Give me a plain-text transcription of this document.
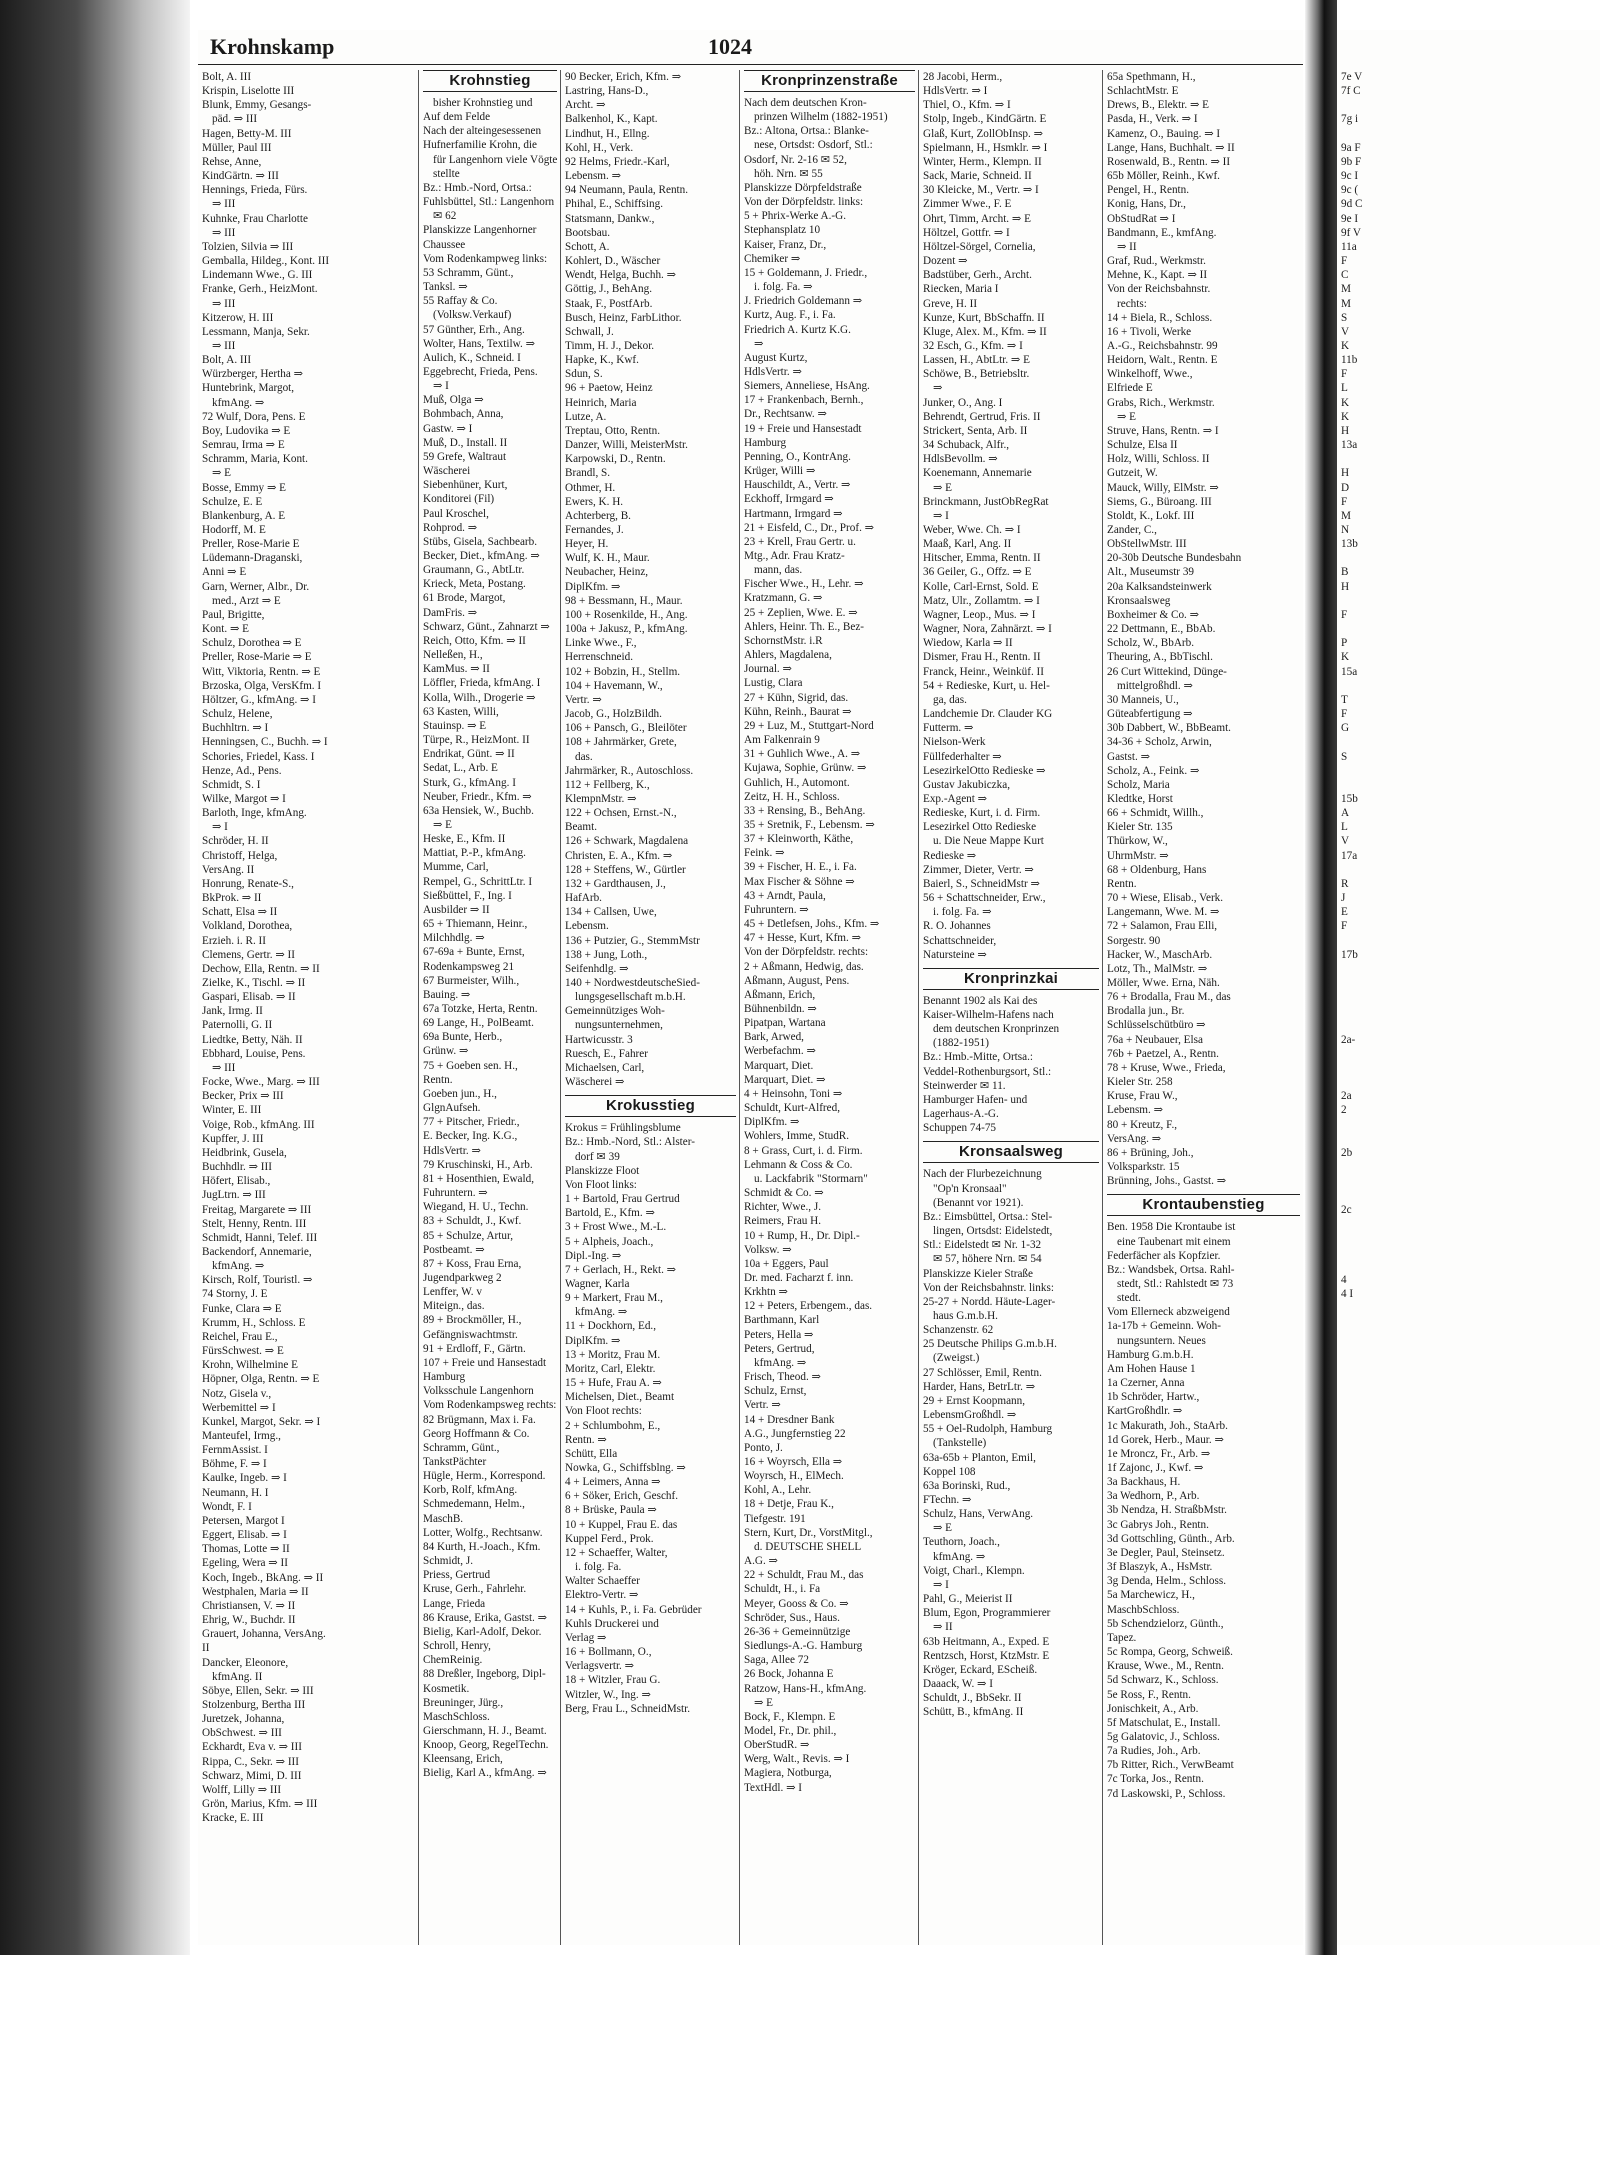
Krohnskamp	1024
Bolt, A. III
Krispin, Liselotte III
Blunk, Emmy, Gesangs-
päd. ⇒ III
Hagen, Betty-M. III
Müller, Paul III
Rehse, Anne,
KindGärtn. ⇒ III
Hennings, Frieda, Fürs.
⇒ III
Kuhnke, Frau Charlotte
⇒ III
Tolzien, Silvia ⇒ III
Gemballa, Hildeg., Kont. III
Lindemann Wwe., G. III
Franke, Gerh., HeizMont.
⇒ III
Kitzerow, H. III
Lessmann, Manja, Sekr.
⇒ III
Bolt, A. III
Würzberger, Hertha ⇒
Huntebrink, Margot,
kfmAng. ⇒
72 Wulf, Dora, Pens. E
Boy, Ludovika ⇒ E
Semrau, Irma ⇒ E
Schramm, Maria, Kont.
⇒ E
Bosse, Emmy ⇒ E
Schulze, E. E
Blankenburg, A. E
Hodorff, M. E
Preller, Rose-Marie E
Lüdemann-Draganski,
Anni ⇒ E
Garn, Werner, Albr., Dr.
med., Arzt ⇒ E
Paul, Brigitte,
Kont. ⇒ E
Schulz, Dorothea ⇒ E
Preller, Rose-Marie ⇒ E
Witt, Viktoria, Rentn. ⇒ E
Brzoska, Olga, VersKfm. I
Höltzer, G., kfmAng. ⇒ I
Schulz, Helene,
Buchhltrn. ⇒ I
Henningsen, C., Buchh. ⇒ I
Schories, Friedel, Kass. I
Henze, Ad., Pens.
Schmidt, S. I
Wilke, Margot ⇒ I
Barloth, Inge, kfmAng.
⇒ I
Schröder, H. II
Christoff, Helga,
VersAng. II
Honrung, Renate-S.,
BkProk. ⇒ II
Schatt, Elsa ⇒ II
Volkland, Dorothea,
Erzieh. i. R. II
Clemens, Gertr. ⇒ II
Dechow, Ella, Rentn. ⇒ II
Zielke, K., Tischl. ⇒ II
Gaspari, Elisab. ⇒ II
Jank, Irmg. II
Paternolli, G. II
Liedtke, Betty, Näh. II
Ebbhard, Louise, Pens.
⇒ III
Focke, Wwe., Marg. ⇒ III
Becker, Prix ⇒ III
Winter, E. III
Voige, Rob., kfmAng. III
Kupffer, J. III
Heidbrink, Gusela,
Buchhdlr. ⇒ III
Höfert, Elisab.,
JugLtrn. ⇒ III
Freitag, Margarete ⇒ III
Stelt, Henny, Rentn. III
Schmidt, Hanni, Telef. III
Backendorf, Annemarie,
kfmAng. ⇒
Kirsch, Rolf, Touristl. ⇒
74 Storny, J. E
Funke, Clara ⇒ E
Krumm, H., Schloss. E
Reichel, Frau E.,
FürsSchwest. ⇒ E
Krohn, Wilhelmine E
Höpner, Olga, Rentn. ⇒ E
Notz, Gisela v.,
Werbemittel ⇒ I
Kunkel, Margot, Sekr. ⇒ I
Manteufel, Irmg.,
FernmAssist. I
Böhme, F. ⇒ I
Kaulke, Ingeb. ⇒ I
Neumann, H. I
Wondt, F. I
Petersen, Margot I
Eggert, Elisab. ⇒ I
Thomas, Lotte ⇒ II
Egeling, Wera ⇒ II
Koch, Ingeb., BkAng. ⇒ II
Westphalen, Maria ⇒ II
Christiansen, V. ⇒ II
Ehrig, W., Buchdr. II
Grauert, Johanna, VersAng.
II
Dancker, Eleonore,
kfmAng. II
Söbye, Ellen, Sekr. ⇒ III
Stolzenburg, Bertha III
Juretzek, Johanna,
ObSchwest. ⇒ III
Eckhardt, Eva v. ⇒ III
Rippa, C., Sekr. ⇒ III
Schwarz, Mimi, D. III
Wolff, Lilly ⇒ III
Grön, Marius, Kfm. ⇒ III
Kracke, E. III
Krohnstieg
bisher Krohnstieg und
Auf dem Felde
Nach der alteingesessenen
Hufnerfamilie Krohn, die
für Langenhorn viele Vögte
stellte
Bz.: Hmb.-Nord, Ortsa.:
Fuhlsbüttel, Stl.: Langenhorn
✉ 62
Planskizze Langenhorner
Chaussee
Vom Rodenkampweg links:
53 Schramm, Günt.,
Tanksl. ⇒
55 Raffay & Co.
(Volksw.Verkauf)
57 Günther, Erh., Ang.
Wolter, Hans, Textilw. ⇒
Aulich, K., Schneid. I
Eggebrecht, Frieda, Pens.
⇒ I
Muß, Olga ⇒
Bohmbach, Anna,
Gastw. ⇒ I
Muß, D., Install. II
59 Grefe, Waltraut
Wäscherei
Siebenhüner, Kurt,
Konditorei (Fil)
Paul Kroschel,
Rohprod. ⇒
Stübs, Gisela, Sachbearb.
Becker, Diet., kfmAng. ⇒
Graumann, G., AbtLtr.
Krieck, Meta, Postang.
61 Brode, Margot,
DamFris. ⇒
Schwarz, Günt., Zahnarzt ⇒
Reich, Otto, Kfm. ⇒ II
Nelleßen, H.,
KamMus. ⇒ II
Löffler, Frieda, kfmAng. I
Kolla, Wilh., Drogerie ⇒
63 Kasten, Willi,
Stauinsp. ⇒ E
Türpe, R., HeizMont. II
Endrikat, Günt. ⇒ II
Sedat, L., Arb. E
Sturk, G., kfmAng. I
Neuber, Friedr., Kfm. ⇒
63a Hensiek, W., Buchb.
⇒ E
Heske, E., Kfm. II
Mattiat, P.-P., kfmAng.
Mumme, Carl,
Rempel, G., SchrittLtr. I
Sießbüttel, F., Ing. I
Ausbilder ⇒ II
65 + Thiemann, Heinr.,
Milchhdlg. ⇒
67-69a + Bunte, Ernst,
Rodenkampsweg 21
67 Burmeister, Wilh.,
Bauing. ⇒
67a Totzke, Herta, Rentn.
69 Lange, H., PolBeamt.
69a Bunte, Herb.,
Grünw. ⇒
75 + Goeben sen. H.,
Rentn.
Goeben jun., H.,
GlgnAufseh.
77 + Pitscher, Friedr.,
E. Becker, Ing. K.G.,
HdlsVertr. ⇒
79 Kruschinski, H., Arb.
81 + Hosenthien, Ewald,
Fuhruntern. ⇒
Wiegand, H. U., Techn.
83 + Schuldt, J., Kwf.
85 + Schulze, Artur,
Postbeamt. ⇒
87 + Koss, Frau Erna,
Jugendparkweg 2
Lenffer, W. v
Miteign., das.
89 + Brockmöller, H.,
Gefängniswachtmstr.
91 + Erdloff, F., Gärtn.
107 + Freie und Hansestadt
Hamburg
Volksschule Langenhorn
Vom Rodenkampsweg rechts:
82 Brügmann, Max i. Fa.
Georg Hoffmann & Co.
Schramm, Günt.,
TankstPächter
Hügle, Herm., Korrespond.
Korb, Rolf, kfmAng.
Schmedemann, Helm.,
MaschB.
Lotter, Wolfg., Rechtsanw.
84 Kurth, H.-Joach., Kfm.
Schmidt, J.
Priess, Gertrud
Kruse, Gerh., Fahrlehr.
Lange, Frieda
86 Krause, Erika, Gastst. ⇒
Bielig, Karl-Adolf, Dekor.
Schroll, Henry,
ChemReinig.
88 Dreßler, Ingeborg, Dipl-
Kosmetik.
Breuninger, Jürg.,
MaschSchloss.
Gierschmann, H. J., Beamt.
Knoop, Georg, RegelTechn.
Kleensang, Erich,
Bielig, Karl A., kfmAng. ⇒
90 Becker, Erich, Kfm. ⇒
Lastring, Hans-D.,
Archt. ⇒
Balkenhol, K., Kapt.
Lindhut, H., Ellng.
Kohl, H., Verk.
92 Helms, Friedr.-Karl,
Lebensm. ⇒
94 Neumann, Paula, Rentn.
Phihal, E., Schiffsing.
Statsmann, Dankw.,
Bootsbau.
Schott, A.
Kohlert, D., Wäscher
Wendt, Helga, Buchh. ⇒
Göttig, J., BehAng.
Staak, F., PostfArb.
Busch, Heinz, FarbLithor.
Schwall, J.
Timm, H. J., Dekor.
Hapke, K., Kwf.
Sdun, S.
96 + Paetow, Heinz
Heinrich, Maria
Lutze, A.
Treptau, Otto, Rentn.
Danzer, Willi, MeisterMstr.
Karpowski, D., Rentn.
Brandl, S.
Othmer, H.
Ewers, K. H.
Achterberg, B.
Fernandes, J.
Heyer, H.
Wulf, K. H., Maur.
Neubacher, Heinz,
DiplKfm. ⇒
98 + Bessmann, H., Maur.
100 + Rosenkilde, H., Ang.
100a + Jakusz, P., kfmAng.
Linke Wwe., F.,
Herrenschneid.
102 + Bobzin, H., Stellm.
104 + Havemann, W.,
Vertr. ⇒
Jacob, G., HolzBildh.
106 + Pansch, G., Bleilöter
108 + Jahrmärker, Grete,
das.
Jahrmärker, R., Autoschloss.
112 + Fellberg, K.,
KlempnMstr. ⇒
122 + Ochsen, Ernst.-N.,
Beamt.
126 + Schwark, Magdalena
Christen, E. A., Kfm. ⇒
128 + Steffens, W., Gürtler
132 + Gardthausen, J.,
HafArb.
134 + Callsen, Uwe,
Lebensm.
136 + Putzier, G., StemmMstr
138 + Jung, Loth.,
Seifenhdlg. ⇒
140 + NordwestdeutscheSied-
lungsgesellschaft m.b.H.
Gemeinnütziges Woh-
nungsunternehmen,
Hartwicusstr. 3
Ruesch, E., Fahrer
Michaelsen, Carl,
Wäscherei ⇒
Krokusstieg
Krokus = Frühlingsblume
Bz.: Hmb.-Nord, Stl.: Alster-
dorf ✉ 39
Planskizze Floot
Von Floot links:
1 + Bartold, Frau Gertrud
Bartold, E., Kfm. ⇒
3 + Frost Wwe., M.-L.
5 + Alpheis, Joach.,
Dipl.-Ing. ⇒
7 + Gerlach, H., Rekt. ⇒
Wagner, Karla
9 + Markert, Frau M.,
kfmAng. ⇒
11 + Dockhorn, Ed.,
DiplKfm. ⇒
13 + Moritz, Frau M.
Moritz, Carl, Elektr.
15 + Hufe, Frau A. ⇒
Michelsen, Diet., Beamt
Von Floot rechts:
2 + Schlumbohm, E.,
Rentn. ⇒
Schütt, Ella
Nowka, G., Schiffsblng. ⇒
4 + Leimers, Anna ⇒
6 + Söker, Erich, Geschf.
8 + Brüske, Paula ⇒
10 + Kuppel, Frau E. das
Kuppel Ferd., Prok.
12 + Schaeffer, Walter,
i. folg. Fa.
Walter Schaeffer
Elektro-Vertr. ⇒
14 + Kuhls, P., i. Fa. Gebrüder
Kuhls Druckerei und
Verlag ⇒
16 + Bollmann, O.,
Verlagsvertr. ⇒
18 + Witzler, Frau G.
Witzler, W., Ing. ⇒
Berg, Frau L., SchneidMstr.
Kronprinzenstraße
Nach dem deutschen Kron-
prinzen Wilhelm (1882-1951)
Bz.: Altona, Ortsa.: Blanke-
nese, Ortsdst: Osdorf, Stl.:
Osdorf, Nr. 2-16 ✉ 52,
höh. Nrn. ✉ 55
Planskizze Dörpfeldstraße
Von der Dörpfeldstr. links:
5 + Phrix-Werke A.-G.
Stephansplatz 10
Kaiser, Franz, Dr.,
Chemiker ⇒
15 + Goldemann, J. Friedr.,
i. folg. Fa. ⇒
J. Friedrich Goldemann ⇒
Kurtz, Aug. F., i. Fa.
Friedrich A. Kurtz K.G.
⇒
August Kurtz,
HdlsVertr. ⇒
Siemers, Anneliese, HsAng.
17 + Frankenbach, Bernh.,
Dr., Rechtsanw. ⇒
19 + Freie und Hansestadt
Hamburg
Penning, O., KontrAng.
Krüger, Willi ⇒
Hauschildt, A., Vertr. ⇒
Eckhoff, Irmgard ⇒
Hartmann, Irmgard ⇒
21 + Eisfeld, C., Dr., Prof. ⇒
23 + Krell, Frau Gertr. u.
Mtg., Adr. Frau Kratz-
mann, das.
Fischer Wwe., H., Lehr. ⇒
Kratzmann, G. ⇒
25 + Zeplien, Wwe. E. ⇒
Ahlers, Heinr. Th. E., Bez-
SchornstMstr. i.R
Ahlers, Magdalena,
Journal. ⇒
Lustig, Clara
27 + Kühn, Sigrid, das.
Kühn, Reinh., Baurat ⇒
29 + Luz, M., Stuttgart-Nord
Am Falkenrain 9
31 + Guhlich Wwe., A. ⇒
Kujawa, Sophie, Grünw. ⇒
Guhlich, H., Automont.
Zeitz, H. H., Schloss.
33 + Rensing, B., BehAng.
35 + Sretnik, F., Lebensm. ⇒
37 + Kleinworth, Käthe,
Feink. ⇒
39 + Fischer, H. E., i. Fa.
Max Fischer & Söhne ⇒
43 + Arndt, Paula,
Fuhruntern. ⇒
45 + Detlefsen, Johs., Kfm. ⇒
47 + Hesse, Kurt, Kfm. ⇒
Von der Dörpfeldstr. rechts:
2 + Aßmann, Hedwig, das.
Aßmann, August, Pens.
Aßmann, Erich,
Bühnenbildn. ⇒
Pipatpan, Wartana
Bark, Arwed,
Werbefachm. ⇒
Marquart, Diet.
Marquart, Diet. ⇒
4 + Heinsohn, Toni ⇒
Schuldt, Kurt-Alfred,
DiplKfm. ⇒
Wohlers, Imme, StudR.
8 + Grass, Curt, i. d. Firm.
Lehmann & Coss & Co.
u. Lackfabrik "Stormarn"
Schmidt & Co. ⇒
Richter, Wwe., J.
Reimers, Frau H.
10 + Rump, H., Dr. Dipl.-
Volksw. ⇒
10a + Eggers, Paul
Dr. med. Facharzt f. inn.
Krkhtn ⇒
12 + Peters, Erbengem., das.
Barthmann, Karl
Peters, Hella ⇒
Peters, Gertrud,
kfmAng. ⇒
Frisch, Theod. ⇒
Schulz, Ernst,
Vertr. ⇒
14 + Dresdner Bank
A.G., Jungfernstieg 22
Ponto, J.
16 + Woyrsch, Ella ⇒
Woyrsch, H., ElMech.
Kohl, A., Lehr.
18 + Detje, Frau K.,
Tiefgestr. 191
Stern, Kurt, Dr., VorstMitgl.,
d. DEUTSCHE SHELL
A.G. ⇒
22 + Schuldt, Frau M., das
Schuldt, H., i. Fa
Meyer, Gooss & Co. ⇒
Schröder, Sus., Haus.
26-36 + Gemeinnützige
Siedlungs-A.-G. Hamburg
Saga, Allee 72
26 Bock, Johanna E
Ratzow, Hans-H., kfmAng.
⇒ E
Bock, F., Klempn. E
Model, Fr., Dr. phil.,
OberStudR. ⇒
Werg, Walt., Revis. ⇒ I
Magiera, Notburga,
TextHdl. ⇒ I
28 Jacobi, Herm.,
HdlsVertr. ⇒ I
Thiel, O., Kfm. ⇒ I
Stolp, Ingeb., KindGärtn. E
Glaß, Kurt, ZollObInsp. ⇒
Spielmann, H., Hsmklr. ⇒ I
Winter, Herm., Klempn. II
Sack, Marie, Schneid. II
30 Kleicke, M., Vertr. ⇒ I
Zimmer Wwe., F. E
Ohrt, Timm, Archt. ⇒ E
Höltzel, Gottfr. ⇒ I
Höltzel-Sörgel, Cornelia,
Dozent ⇒
Badstüber, Gerh., Archt.
Riecken, Maria I
Greve, H. II
Kunze, Kurt, BbSchaffn. II
Kluge, Alex. M., Kfm. ⇒ II
32 Esch, G., Kfm. ⇒ I
Lassen, H., AbtLtr. ⇒ E
Schöwe, B., Betriebsltr.
⇒
Junker, O., Ang. I
Behrendt, Gertrud, Fris. II
Strickert, Senta, Arb. II
34 Schuback, Alfr.,
HdlsBevollm. ⇒
Koenemann, Annemarie
⇒ E
Brinckmann, JustObRegRat
⇒ I
Weber, Wwe. Ch. ⇒ I
Maaß, Karl, Ang. II
Hitscher, Emma, Rentn. II
36 Geiler, G., Offz. ⇒ E
Kolle, Carl-Ernst, Sold. E
Matz, Ulr., Zollamtm. ⇒ I
Wagner, Leop., Mus. ⇒ I
Wagner, Nora, Zahnärzt. ⇒ I
Wiedow, Karla ⇒ II
Dismer, Frau H., Rentn. II
Franck, Heinr., Weinküf. II
54 + Redieske, Kurt, u. Hel-
ga, das.
Landchemie Dr. Clauder KG
Futterm. ⇒
Nielson-Werk
Füllfederhalter ⇒
LesezirkelOtto Redieske ⇒
Gustav Jakubiczka,
Exp.-Agent ⇒
Redieske, Kurt, i. d. Firm.
Lesezirkel Otto Redieske
u. Die Neue Mappe Kurt
Redieske ⇒
Zimmer, Dieter, Vertr. ⇒
Baierl, S., SchneidMstr ⇒
56 + Schattschneider, Erw.,
i. folg. Fa. ⇒
R. O. Johannes
Schattschneider,
Natursteine ⇒
Kronprinzkai
Benannt 1902 als Kai des
Kaiser-Wilhelm-Hafens nach
dem deutschen Kronprinzen
(1882-1951)
Bz.: Hmb.-Mitte, Ortsa.:
Veddel-Rothenburgsort, Stl.:
Steinwerder ✉ 11.
Hamburger Hafen- und
Lagerhaus-A.-G.
Schuppen 74-75
Kronsaalsweg
Nach der Flurbezeichnung
"Op'n Kronsaal"
(Benannt vor 1921).
Bz.: Eimsbüttel, Ortsa.: Stel-
lingen, Ortsdst: Eidelstedt,
Stl.: Eidelstedt ✉ Nr. 1-32
✉ 57, höhere Nrn. ✉ 54
Planskizze Kieler Straße
Von der Reichsbahnstr. links:
25-27 + Nordd. Häute-Lager-
haus G.m.b.H.
Schanzenstr. 62
25 Deutsche Philips G.m.b.H.
(Zweigst.)
27 Schlösser, Emil, Rentn.
Harder, Hans, BetrLtr. ⇒
29 + Ernst Koopmann,
LebensmGroßhdl. ⇒
55 + Oel-Rudolph, Hamburg
(Tankstelle)
63a-65b + Planton, Emil,
Koppel 108
63a Borinski, Rud.,
FTechn. ⇒
Schulz, Hans, VerwAng.
⇒ E
Teuthorn, Joach.,
kfmAng. ⇒
Voigt, Charl., Klempn.
⇒ I
Pahl, G., Meierist II
Blum, Egon, Programmierer
⇒ II
63b Heitmann, A., Exped. E
Rentzsch, Horst, KtzMstr. E
Kröger, Eckard, EScheiß.
Daaack, W. ⇒ I
Schuldt, J., BbSekr. II
Schütt, B., kfmAng. II
65a Spethmann, H.,
SchlachtMstr. E
Drews, B., Elektr. ⇒ E
Pasda, H., Verk. ⇒ I
Kamenz, O., Bauing. ⇒ I
Lange, Hans, Buchhalt. ⇒ II
Rosenwald, B., Rentn. ⇒ II
65b Möller, Reinh., Kwf.
Pengel, H., Rentn.
Konig, Hans, Dr.,
ObStudRat ⇒ I
Bandmann, E., kmfAng.
⇒ II
Graf, Rud., Werkmstr.
Mehne, K., Kapt. ⇒ II
Von der Reichsbahnstr.
rechts:
14 + Biela, R., Schloss.
16 + Tivoli, Werke
A.-G., Reichsbahnstr. 99
Heidorn, Walt., Rentn. E
Winkelhoff, Wwe.,
Elfriede E
Grabs, Rich., Werkmstr.
⇒ E
Struve, Hans, Rentn. ⇒ I
Schulze, Elsa II
Holz, Willi, Schloss. II
Gutzeit, W.
Mauck, Willy, ElMstr. ⇒
Siems, G., Büroang. III
Stoldt, K., Lokf. III
Zander, C.,
ObStellwMstr. III
20-30b Deutsche Bundesbahn
Alt., Museumstr 39
20a Kalksandsteinwerk
Kronsaalsweg
Boxheimer & Co. ⇒
22 Dettmann, E., BbAb.
Scholz, W., BbArb.
Theuring, A., BbTischl.
26 Curt Wittekind, Dünge-
mittelgroßhdl. ⇒
30 Manneis, U.,
Güteabfertigung ⇒
30b Dabbert, W., BbBeamt.
34-36 + Scholz, Arwin,
Gastst. ⇒
Scholz, A., Feink. ⇒
Scholz, Maria
Kledtke, Horst
66 + Schmidt, Willh.,
Kieler Str. 135
Thürkow, W.,
UhrmMstr. ⇒
68 + Oldenburg, Hans
Rentn.
70 + Wiese, Elisab., Verk.
Langemann, Wwe. M. ⇒
72 + Salamon, Frau Elli,
Sorgestr. 90
Hacker, W., MaschArb.
Lotz, Th., MalMstr. ⇒
Möller, Wwe. Erna, Näh.
76 + Brodalla, Frau M., das
Brodalla jun., Br.
Schlüsselschütbüro ⇒
76a + Neubauer, Elsa
76b + Paetzel, A., Rentn.
78 + Kruse, Wwe., Frieda,
Kieler Str. 258
Kruse, Frau W.,
Lebensm. ⇒
80 + Kreutz, F.,
VersAng. ⇒
86 + Brüning, Joh.,
Volksparkstr. 15
Brünning, Johs., Gastst. ⇒
Krontaubenstieg
Ben. 1958 Die Krontaube ist
eine Taubenart mit einem
Federfächer als Kopfzier.
Bz.: Wandsbek, Ortsa. Rahl-
stedt, Stl.: Rahlstedt ✉ 73
stedt.
Vom Ellerneck abzweigend
1a-17b + Gemeinn. Woh-
nungsuntern. Neues
Hamburg G.m.b.H.
Am Hohen Hause 1
1a Czerner, Anna
1b Schröder, Hartw.,
KartGroßhdlr. ⇒
1c Makurath, Joh., StaArb.
1d Gorek, Herb., Maur. ⇒
1e Mroncz, Fr., Arb. ⇒
1f Zajonc, J., Kwf. ⇒
3a Backhaus, H.
3a Wedhorn, P., Arb.
3b Nendza, H. StraßbMstr.
3c Gabrys Joh., Rentn.
3d Gottschling, Günth., Arb.
3e Degler, Paul, Steinsetz.
3f Blaszyk, A., HsMstr.
3g Denda, Helm., Schloss.
5a Marchewicz, H.,
MaschbSchloss.
5b Schendzielorz, Günth.,
Tapez.
5c Rompa, Georg, Schweiß.
Krause, Wwe., M., Rentn.
5d Schwarz, K., Schloss.
5e Ross, F., Rentn.
Jonischkeit, A., Arb.
5f Matschulat, E., Install.
5g Galatovic, J., Schloss.
7a Rudies, Joh., Arb.
7b Ritter, Rich., VerwBeamt
7c Torka, Jos., Rentn.
7d Laskowski, P., Schloss.
7e V
7f C

7g i

9a F
9b F
9c I
9c (
9d C
9e I
9f V
11a
F
C
M
M
S
V
K
11b
F
L
K
K
H
13a

H
D
F
M
N
13b

B
H

F

P
K
15a

T
F
G

S

15b
A
L
V
17a

R
J
E
F

17b

2a-

2a
2

2b

2c

4
4 I
